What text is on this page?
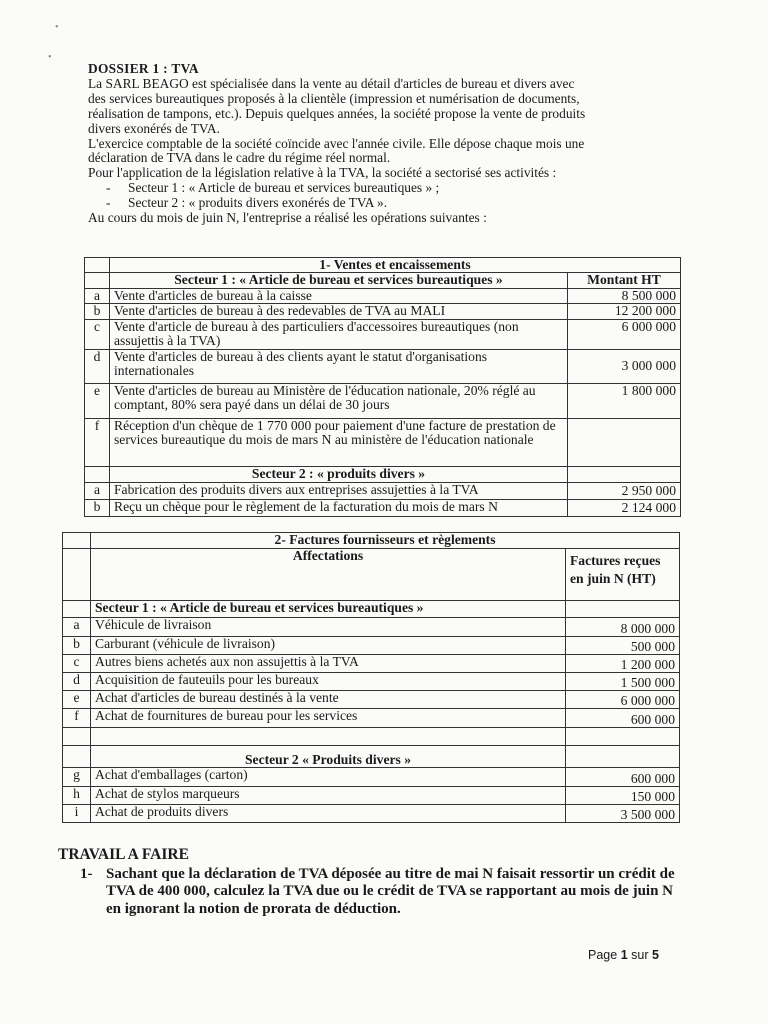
•
•

DOSSIER 1 : TVA

La SARL BEAGO est spécialisée dans la vente au détail d'articles de bureau et divers avec

des services bureautiques proposés à la clientèle (impression et numérisation de documents,

réalisation de tampons, etc.). Depuis quelques années, la société propose la vente de produits

divers exonérés de TVA.

L'exercice comptable de la société coïncide avec l'année civile. Elle dépose chaque mois une

déclaration de TVA dans le cadre du régime réel normal.

Pour l'application de la législation relative à la TVA, la société a sectorisé ses activités :

- Secteur 1 : « Article de bureau et services bureautiques » ;

- Secteur 2 : « produits divers exonérés de TVA ».

Au cours du mois de juin N, l'entreprise a réalisé les opérations suivantes :

	1- Ventes et encaissements	
	Secteur 1 : « Article de bureau et services bureautiques »	Montant HT
a	Vente d'articles de bureau à la caisse	8 500 000
b	Vente d'articles de bureau à des redevables de TVA au MALI	12 200 000
c	Vente d'article de bureau à des particuliers d'accessoires bureautiques (non assujettis à la TVA)	6 000 000
d	Vente d'articles de bureau à des clients ayant le statut d'organisations internationales	3 000 000
e	Vente d'articles de bureau au Ministère de l'éducation nationale, 20% réglé au comptant, 80% sera payé dans un délai de 30 jours	1 800 000
f	Réception d'un chèque de 1 770 000 pour paiement d'une facture de prestation de services bureautique du mois de mars N au ministère de l'éducation nationale	
	Secteur 2 : « produits divers »	
a	Fabrication des produits divers aux entreprises assujetties à la TVA	2 950 000
b	Reçu un chèque pour le règlement de la facturation du mois de mars N	2 124 000
	2- Factures fournisseurs et règlements	
	Affectations	Factures reçues en juin N (HT)
	Secteur 1 : « Article de bureau et services bureautiques »	
a	Véhicule de livraison	8 000 000
b	Carburant (véhicule de livraison)	500 000
c	Autres biens achetés aux non assujettis à la TVA	1 200 000
d	Acquisition de fauteuils pour les bureaux	1 500 000
e	Achat d'articles de bureau destinés à la vente	6 000 000
f	Achat de fournitures de bureau pour les services	600 000

	Secteur 2 « Produits divers »	
g	Achat d'emballages (carton)	600 000
h	Achat de stylos marqueurs	150 000
i	Achat de produits divers	3 500 000

TRAVAIL A FAIRE

1- Sachant que la déclaration de TVA déposée au titre de mai N faisait ressortir un crédit de TVA de 400 000, calculez la TVA due ou le crédit de TVA se rapportant au mois de juin N en ignorant la notion de prorata de déduction.

Page 1 sur 5
